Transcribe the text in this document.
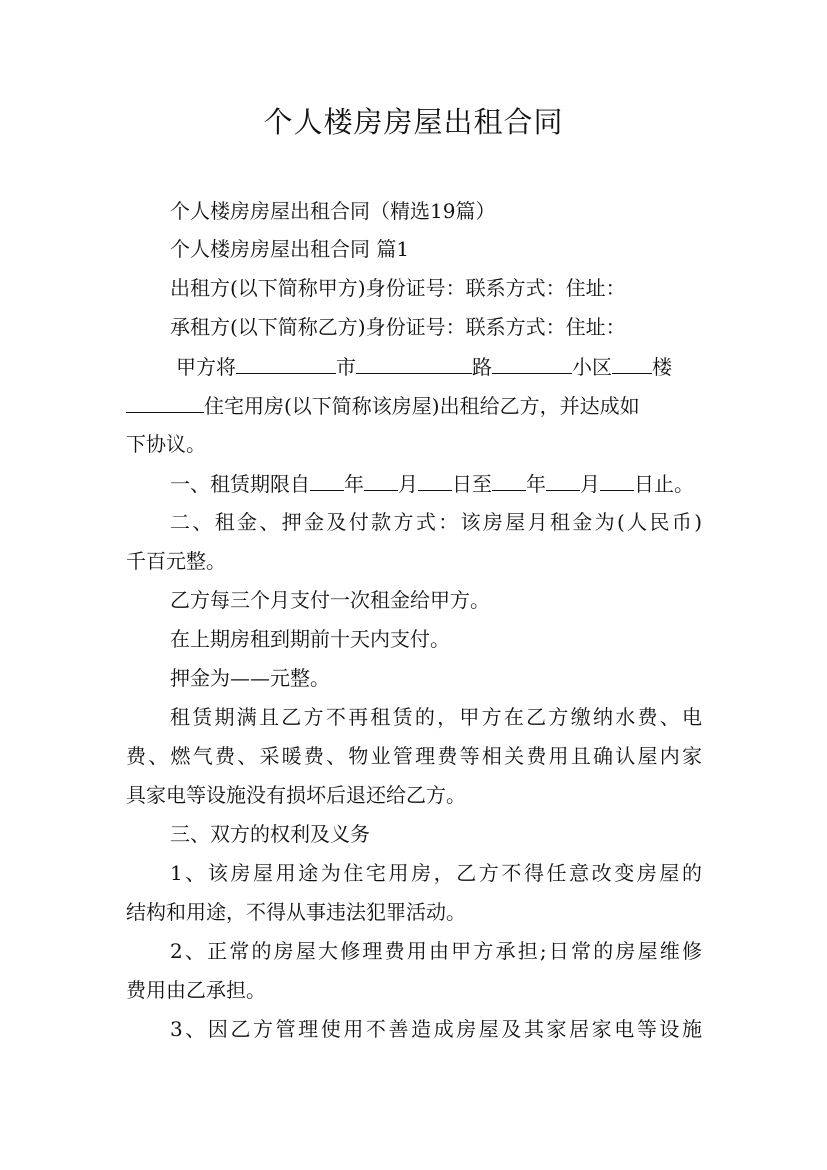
个人楼房房屋出租合同
个人楼房房屋出租合同（精选19篇）
个人楼房房屋出租合同 篇1
出租方(以下简称甲方)身份证号：联系方式：住址：
承租方(以下简称乙方)身份证号：联系方式：住址：
甲方将	市	路	小区 楼
住宅用房(以下简称该房屋)出租给乙方，并达成如
下协议。
一、租赁期限自 年 月 日至 年 月 日止。
二、租金、押金及付款方式：该房屋月租金为(人民币)
千百元整。
乙方每三个月支付一次租金给甲方。
在上期房租到期前十天内支付。
押金为——元整。
租赁期满且乙方不再租赁的，甲方在乙方缴纳水费、电
费、燃气费、采暖费、物业管理费等相关费用且确认屋内家
具家电等设施没有损坏后退还给乙方。
三、双方的权利及义务
1、该房屋用途为住宅用房，乙方不得任意改变房屋的
结构和用途，不得从事违法犯罪活动。
2、正常的房屋大修理费用由甲方承担;日常的房屋维修
费用由乙承担。
3、因乙方管理使用不善造成房屋及其家居家电等设施
